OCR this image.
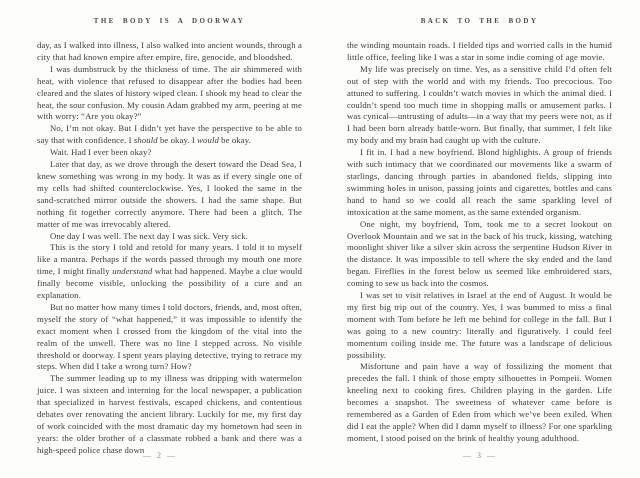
THE BODY IS A DOORWAY

day, as I walked into illness, I also walked into ancient wounds, through a city that had known empire after empire, fire, genocide, and bloodshed.

I was dumbstruck by the thickness of time. The air shimmered with heat, with violence that refused to disappear after the bodies had been cleared and the slates of history wiped clean. I shook my head to clear the heat, the sour confusion. My cousin Adam grabbed my arm, peering at me with worry: “Are you okay?”

No, I’m not okay. But I didn’t yet have the perspective to be able to say that with confidence. I should be okay. I would be okay.

Wait. Had I ever been okay?

Later that day, as we drove through the desert toward the Dead Sea, I knew something was wrong in my body. It was as if every single one of my cells had shifted counterclockwise. Yes, I looked the same in the sand-scratched mirror outside the showers. I had the same shape. But nothing fit together correctly anymore. There had been a glitch. The matter of me was irrevocably altered.

One day I was well. The next day I was sick. Very sick.

This is the story I told and retold for many years. I told it to myself like a mantra. Perhaps if the words passed through my mouth one more time, I might finally understand what had happened. Maybe a clue would finally become visible, unlocking the possibility of a cure and an explanation.

But no matter how many times I told doctors, friends, and, most often, myself the story of “what happened,” it was impossible to identify the exact moment when I crossed from the kingdom of the vital into the realm of the unwell. There was no line I stepped across. No visible threshold or doorway. I spent years playing detective, trying to retrace my steps. When did I take a wrong turn? How?

The summer leading up to my illness was dripping with watermelon juice. I was sixteen and interning for the local newspaper, a publication that specialized in harvest festivals, escaped chickens, and contentious debates over renovating the ancient library. Luckily for me, my first day of work coincided with the most dramatic day my hometown had seen in years: the older brother of a classmate robbed a bank and there was a high-speed police chase down

— 2 —
BACK TO THE BODY

the winding mountain roads. I fielded tips and worried calls in the humid little office, feeling like I was a star in some indie coming of age movie.

My life was precisely on time. Yes, as a sensitive child I’d often felt out of step with the world and with my friends. Too precocious. Too attuned to suffering. I couldn’t watch movies in which the animal died. I couldn’t spend too much time in shopping malls or amusement parks. I was cynical—untrusting of adults—in a way that my peers were not, as if I had been born already battle-worn. But finally, that summer, I felt like my body and my brain had caught up with the culture.

I fit in. I had a new boyfriend. Blond highlights. A group of friends with such intimacy that we coordinated our movements like a swarm of starlings, dancing through parties in abandoned fields, slipping into swimming holes in unison, passing joints and cigarettes, bottles and cans hand to hand so we could all reach the same sparkling level of intoxication at the same moment, as the same extended organism.

One night, my boyfriend, Tom, took me to a secret lookout on Overlook Mountain and we sat in the back of his truck, kissing, watching moonlight shiver like a silver skin across the serpentine Hudson River in the distance. It was impossible to tell where the sky ended and the land began. Fireflies in the forest below us seemed like embroidered stars, coming to sew us back into the cosmos.

I was set to visit relatives in Israel at the end of August. It would be my first big trip out of the country. Yes, I was bummed to miss a final moment with Tom before he left me behind for college in the fall. But I was going to a new country: literally and figuratively. I could feel momentum coiling inside me. The future was a landscape of delicious possibility.

Misfortune and pain have a way of fossilizing the moment that precedes the fall. I think of those empty silhouettes in Pompeii. Women kneeling next to cooking fires. Children playing in the garden. Life becomes a snapshot. The sweetness of whatever came before is remembered as a Garden of Eden from which we’ve been exiled. When did I eat the apple? When did I damn myself to illness? For one sparkling moment, I stood poised on the brink of healthy young adulthood.

— 3 —
